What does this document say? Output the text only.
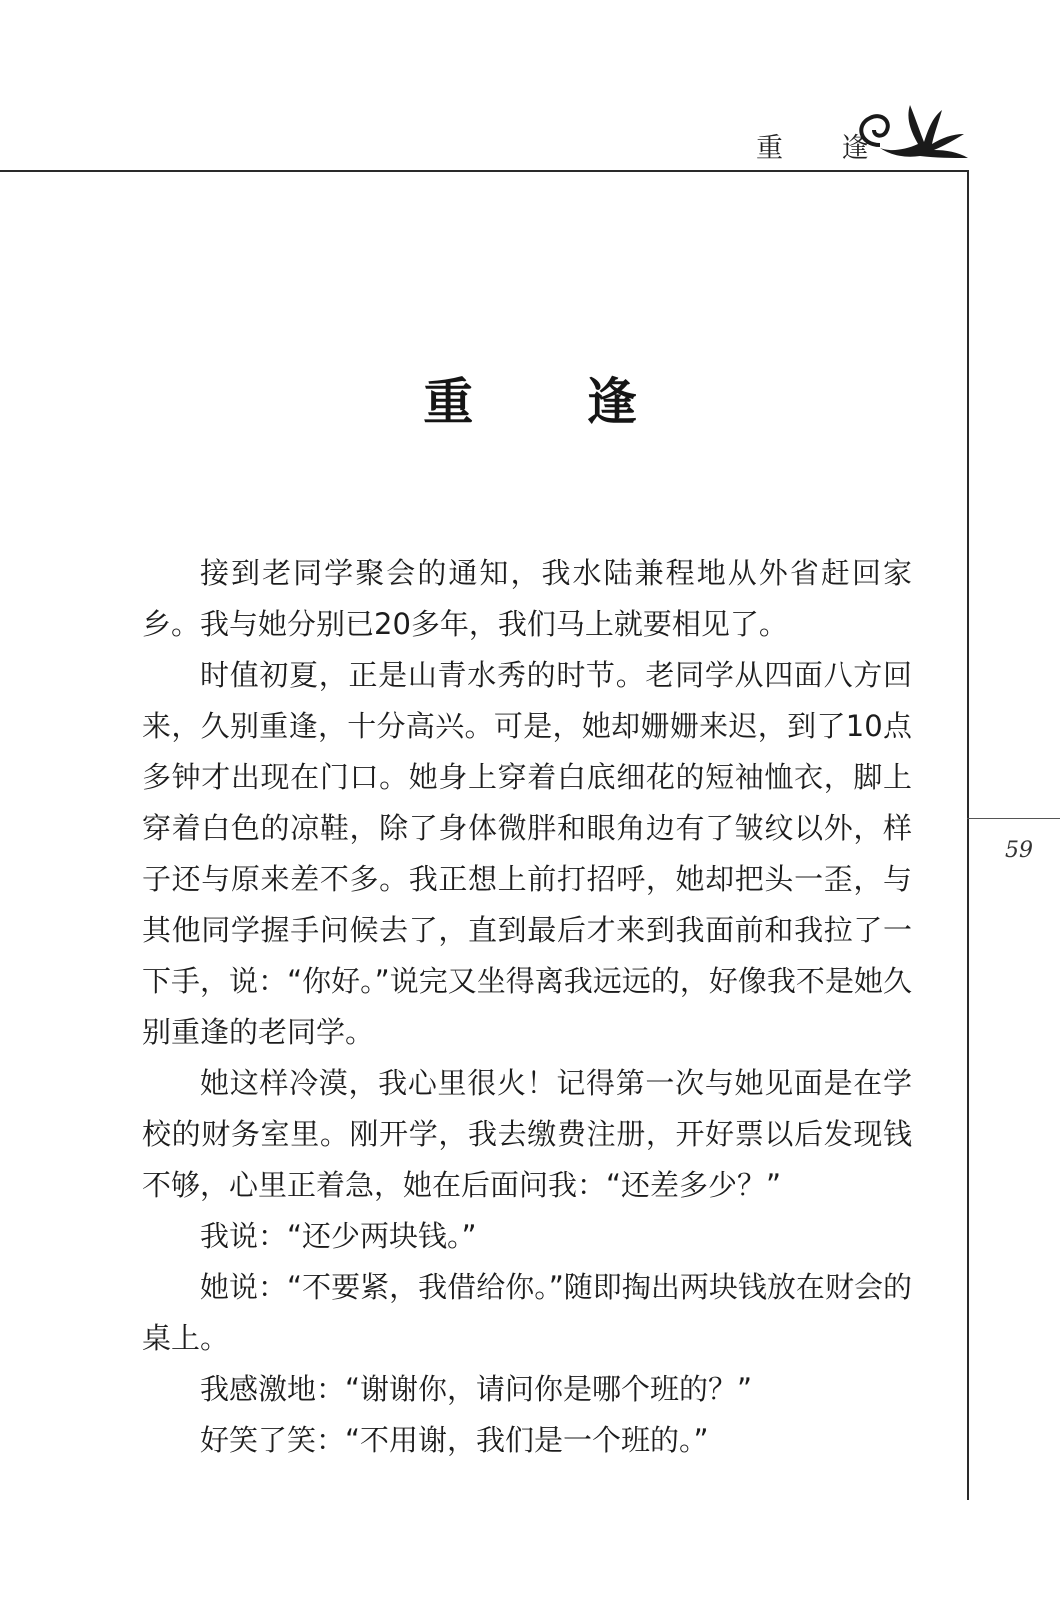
重 逢
59
重 逢

接到老同学聚会的通知，我水陆兼程地从外省赶回家乡。我与她分别已20多年，我们马上就要相见了。

时值初夏，正是山青水秀的时节。老同学从四面八方回来，久别重逢，十分高兴。可是，她却姗姗来迟，到了10点多钟才出现在门口。她身上穿着白底细花的短袖恤衣，脚上穿着白色的凉鞋，除了身体微胖和眼角边有了皱纹以外，样子还与原来差不多。我正想上前打招呼，她却把头一歪，与其他同学握手问候去了，直到最后才来到我面前和我拉了一下手，说：“你好。”说完又坐得离我远远的，好像我不是她久别重逢的老同学。

她这样冷漠，我心里很火！记得第一次与她见面是在学校的财务室里。刚开学，我去缴费注册，开好票以后发现钱不够，心里正着急，她在后面问我：“还差多少？”

我说：“还少两块钱。”

她说：“不要紧，我借给你。”随即掏出两块钱放在财会的桌上。

我感激地：“谢谢你，请问你是哪个班的？”

好笑了笑：“不用谢，我们是一个班的。”
